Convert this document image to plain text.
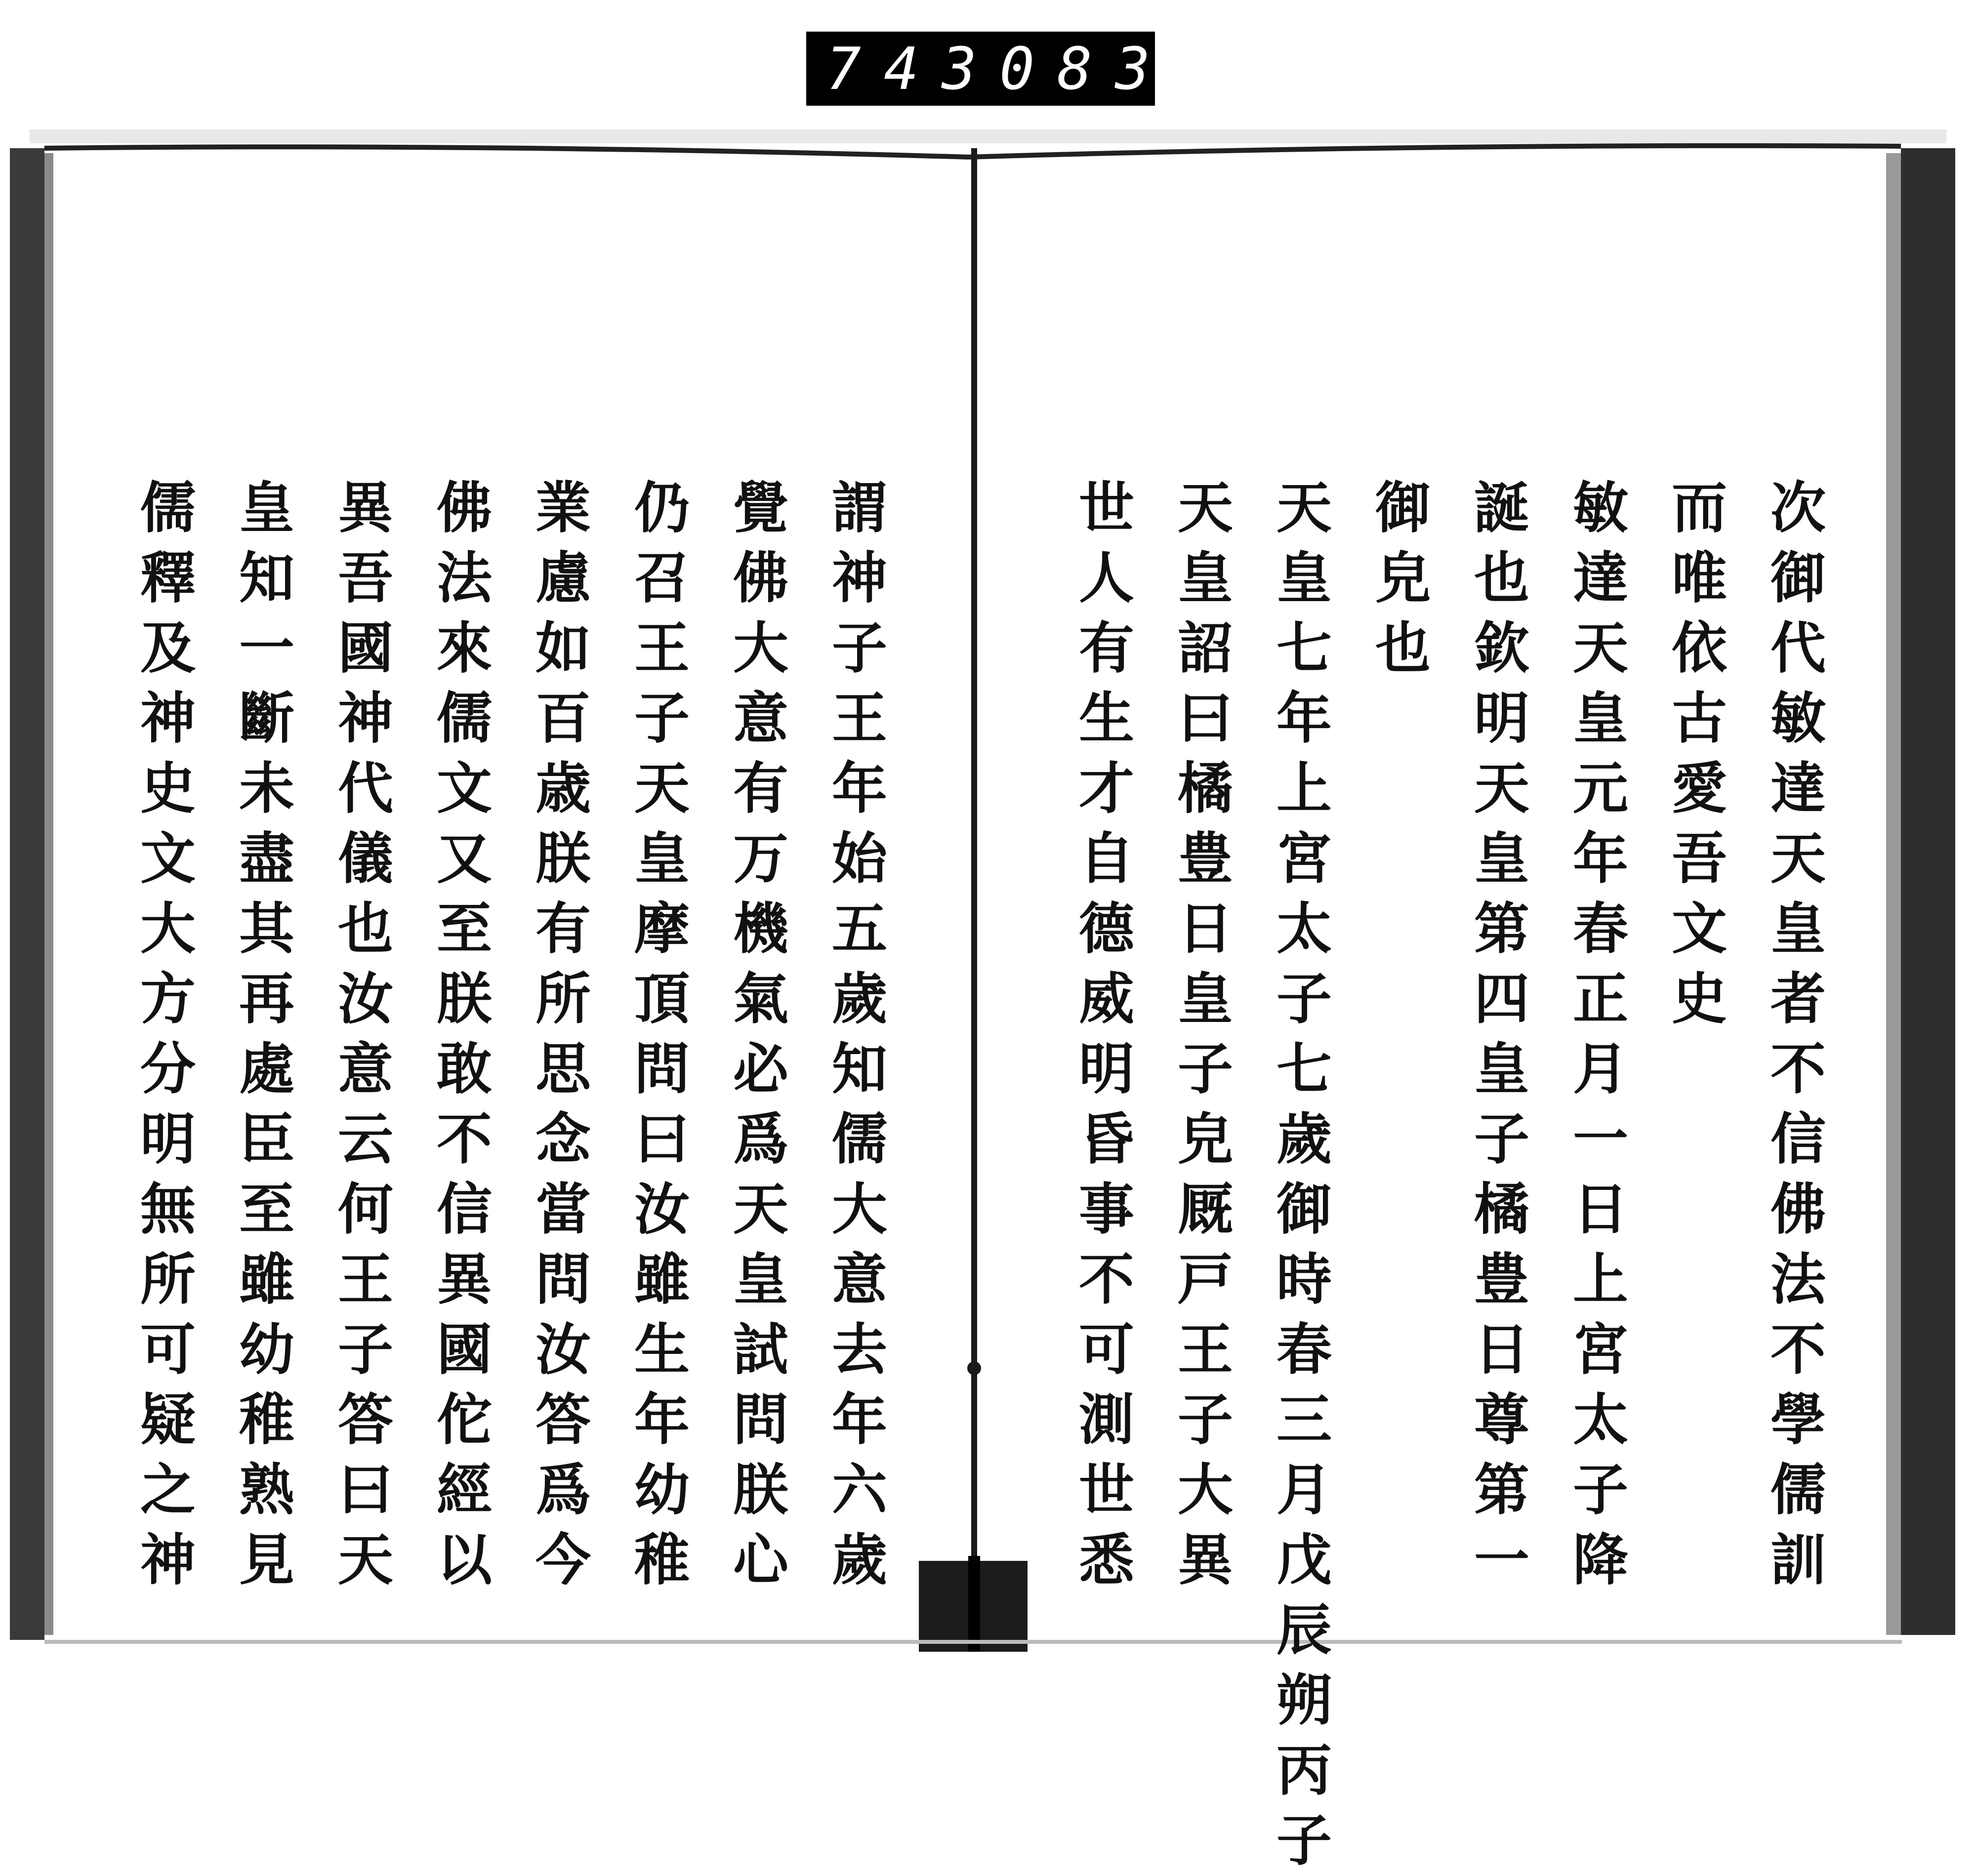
743 083
次
御
代
敏
達
天
皇
者
不
信
佛
法
不
學
儒
訓
而
唯
依
古
愛
吾
文
史
敏
達
天
皇
元
年
春
正
月
一
日
上
宮
太
子
降
誕
也
欽
明
天
皇
第
四
皇
子
橘
豊
日
尊
第
一
御
皃
也
天
皇
七
年
上
宮
太
子
七
歲
御
時
春
三
月
戊
辰
朔
丙
子
天
皇
詔
曰
橘
豊
日
皇
子
皃
厩
戸
王
子
大
異
世
人
有
生
才
自
德
威
明
昏
事
不
可
測
世
悉
謂
神
子
王
年
始
五
歲
知
儒
大
意
去
年
六
歲
覺
佛
大
意
有
万
機
氣
必
爲
天
皇
試
問
朕
心
仍
召
王
子
天
皇
摩
頂
問
曰
汝
雖
生
年
幼
稚
業
慮
如
百
歳
朕
有
所
思
念
當
問
汝
答
爲
今
佛
法
來
儒
文
又
至
朕
敢
不
信
異
國
佗
經
以
異
吾
國
神
代
儀
也
汝
意
云
何
王
子
答
曰
天
皇
知
一
斷
未
盡
其
再
處
臣
至
雖
幼
稚
熟
見
儒
釋
及
神
史
文
大
方
分
明
無
所
可
疑
之
神
